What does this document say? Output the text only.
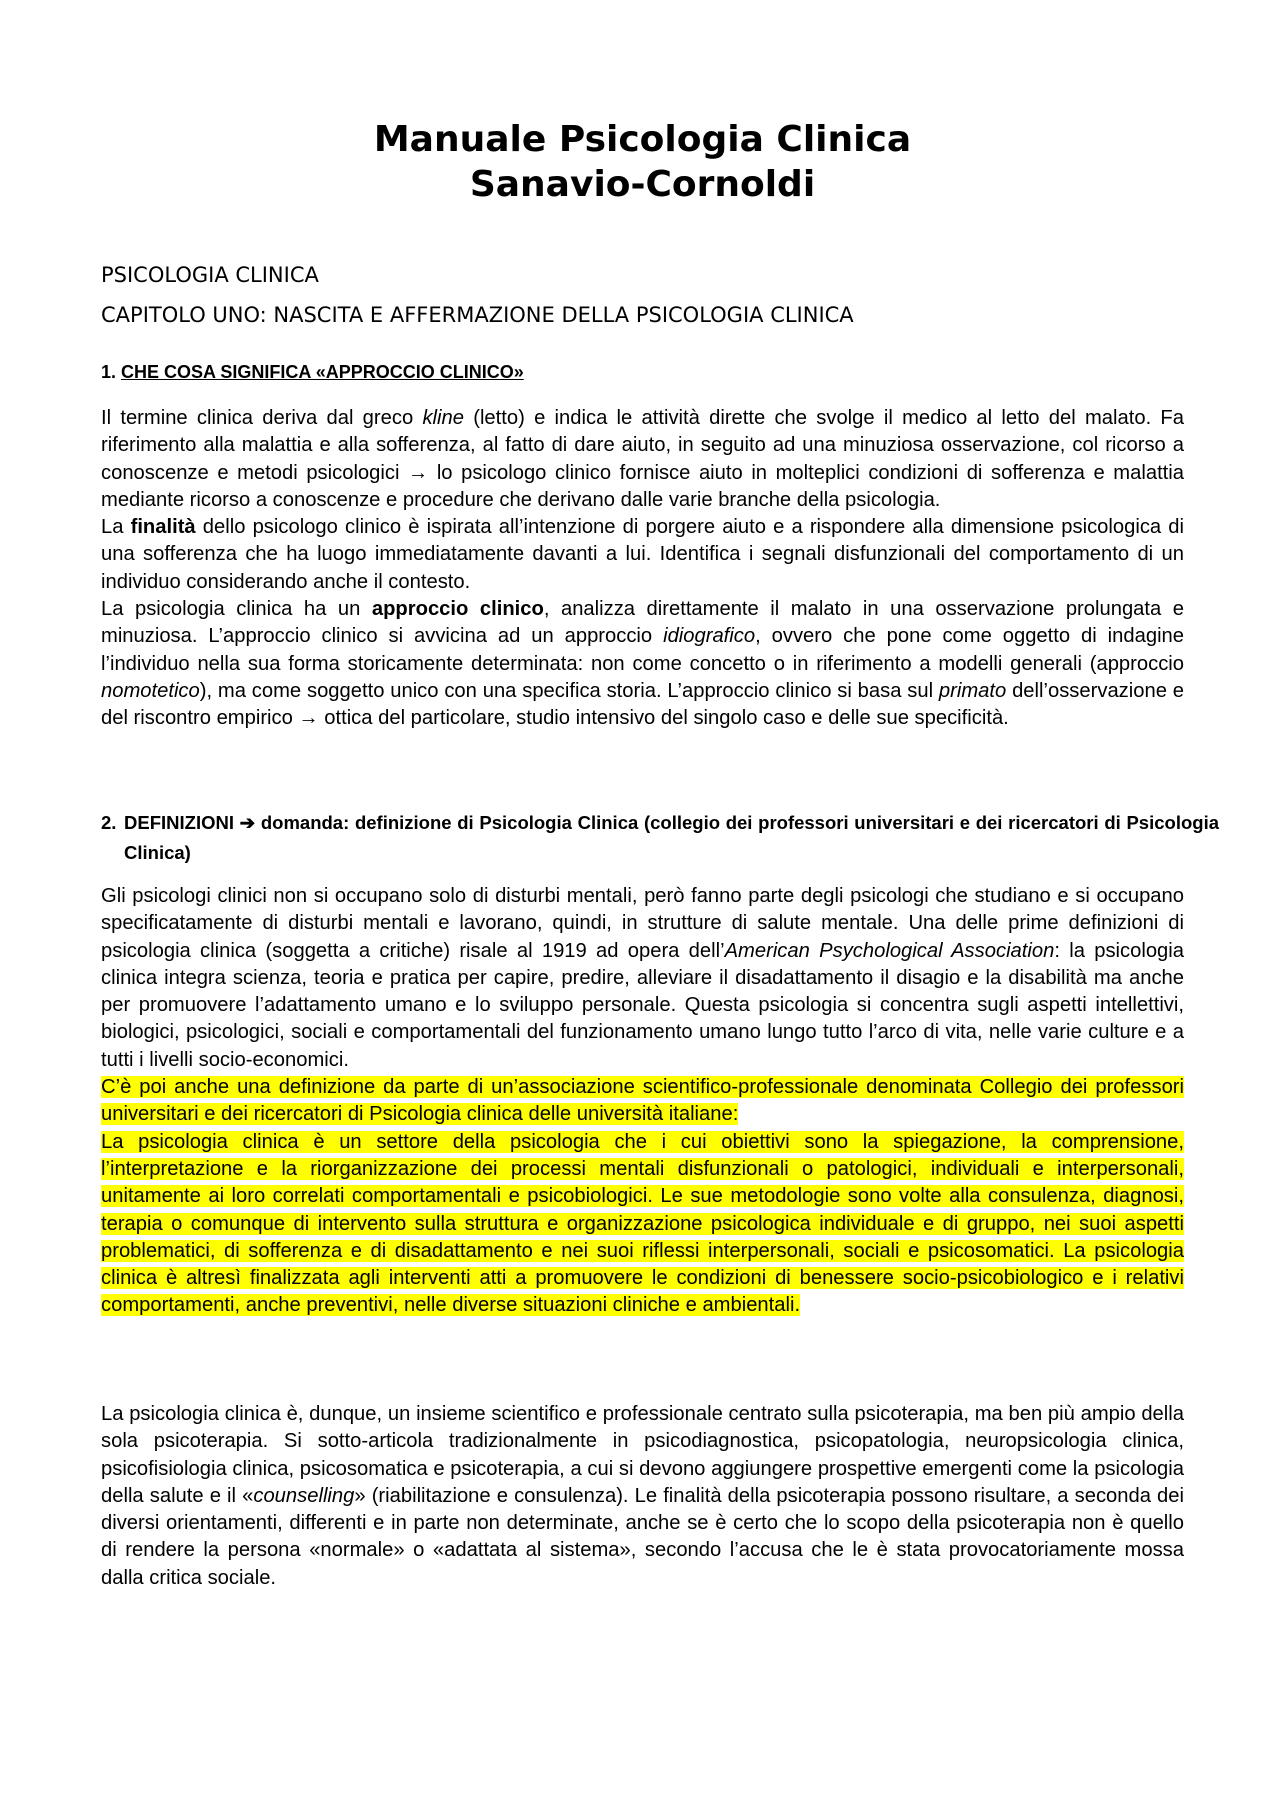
Manuale Psicologia Clinica
Sanavio-Cornoldi

PSICOLOGIA CLINICA

CAPITOLO UNO: NASCITA E AFFERMAZIONE DELLA PSICOLOGIA CLINICA

1. CHE COSA SIGNIFICA «APPROCCIO CLINICO»

Il termine clinica deriva dal greco kline (letto) e indica le attività dirette che svolge il medico al letto del malato. Fa riferimento alla malattia e alla sofferenza, al fatto di dare aiuto, in seguito ad una minuziosa osservazione, col ricorso a conoscenze e metodi psicologici → lo psicologo clinico fornisce aiuto in molteplici condizioni di sofferenza e malattia mediante ricorso a conoscenze e procedure che derivano dalle varie branche della psicologia.

La finalità dello psicologo clinico è ispirata all’intenzione di porgere aiuto e a rispondere alla dimensione psicologica di una sofferenza che ha luogo immediatamente davanti a lui. Identifica i segnali disfunzionali del comportamento di un individuo considerando anche il contesto.

La psicologia clinica ha un approccio clinico, analizza direttamente il malato in una osservazione prolungata e minuziosa. L’approccio clinico si avvicina ad un approccio idiografico, ovvero che pone come oggetto di indagine l’individuo nella sua forma storicamente determinata: non come concetto o in riferimento a modelli generali (approccio nomotetico), ma come soggetto unico con una specifica storia. L’approccio clinico si basa sul primato dell’osservazione e del riscontro empirico → ottica del particolare, studio intensivo del singolo caso e delle sue specificità.

2. DEFINIZIONI ➔ domanda: definizione di Psicologia Clinica (collegio dei professori universitari e dei ricercatori di Psicologia Clinica)

Gli psicologi clinici non si occupano solo di disturbi mentali, però fanno parte degli psicologi che studiano e si occupano specificatamente di disturbi mentali e lavorano, quindi, in strutture di salute mentale. Una delle prime definizioni di psicologia clinica (soggetta a critiche) risale al 1919 ad opera dell’American Psychological Association: la psicologia clinica integra scienza, teoria e pratica per capire, predire, alleviare il disadattamento il disagio e la disabilità ma anche per promuovere l’adattamento umano e lo sviluppo personale. Questa psicologia si concentra sugli aspetti intellettivi, biologici, psicologici, sociali e comportamentali del funzionamento umano lungo tutto l’arco di vita, nelle varie culture e a tutti i livelli socio-economici.

C’è poi anche una definizione da parte di un’associazione scientifico-professionale denominata Collegio dei professori universitari e dei ricercatori di Psicologia clinica delle università italiane:

La psicologia clinica è un settore della psicologia che i cui obiettivi sono la spiegazione, la comprensione, l’interpretazione e la riorganizzazione dei processi mentali disfunzionali o patologici, individuali e interpersonali, unitamente ai loro correlati comportamentali e psicobiologici. Le sue metodologie sono volte alla consulenza, diagnosi, terapia o comunque di intervento sulla struttura e organizzazione psicologica individuale e di gruppo, nei suoi aspetti problematici, di sofferenza e di disadattamento e nei suoi riflessi interpersonali, sociali e psicosomatici. La psicologia clinica è altresì finalizzata agli interventi atti a promuovere le condizioni di benessere socio-psicobiologico e i relativi comportamenti, anche preventivi, nelle diverse situazioni cliniche e ambientali.

La psicologia clinica è, dunque, un insieme scientifico e professionale centrato sulla psicoterapia, ma ben più ampio della sola psicoterapia. Si sotto-articola tradizionalmente in psicodiagnostica, psicopatologia, neuropsicologia clinica, psicofisiologia clinica, psicosomatica e psicoterapia, a cui si devono aggiungere prospettive emergenti come la psicologia della salute e il «counselling» (riabilitazione e consulenza). Le finalità della psicoterapia possono risultare, a seconda dei diversi orientamenti, differenti e in parte non determinate, anche se è certo che lo scopo della psicoterapia non è quello di rendere la persona «normale» o «adattata al sistema», secondo l’accusa che le è stata provocatoriamente mossa dalla critica sociale.
